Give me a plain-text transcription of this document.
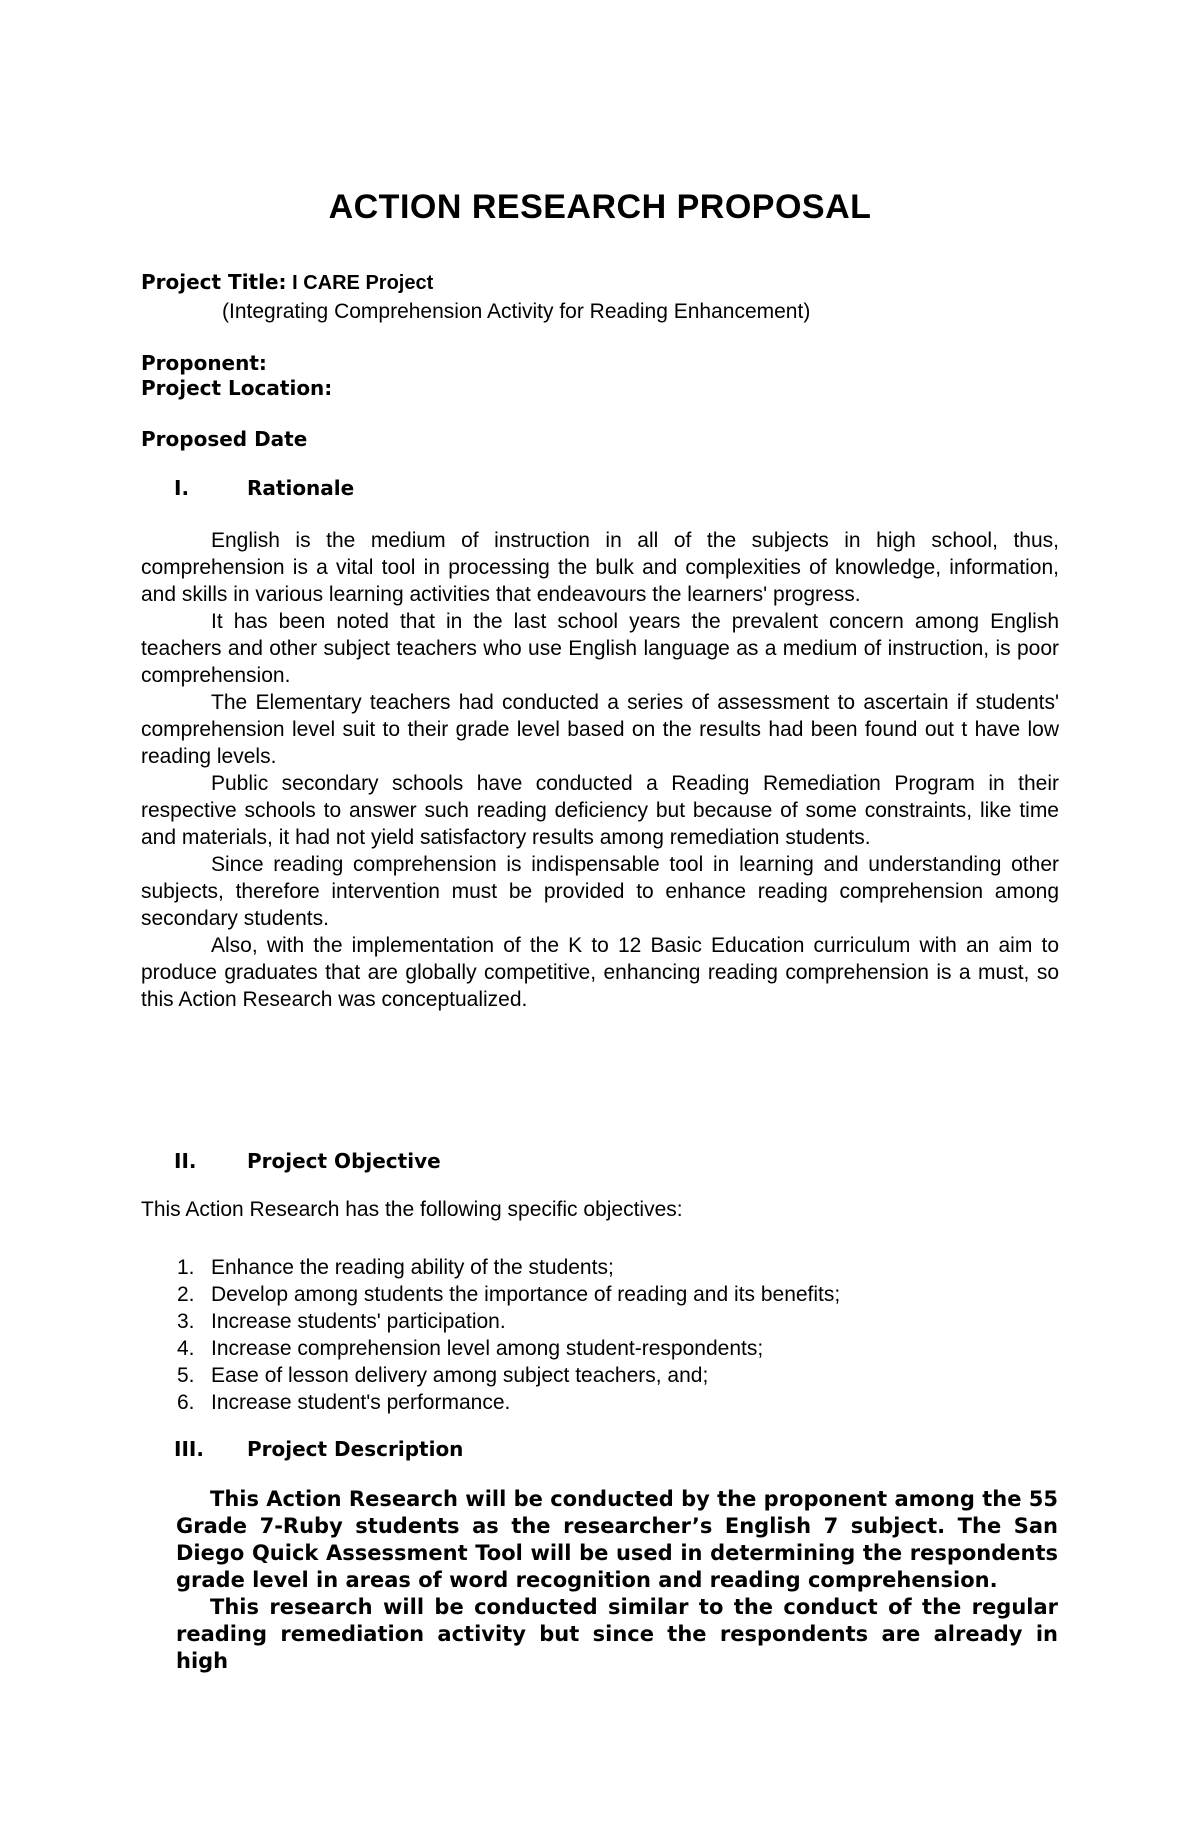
ACTION RESEARCH PROPOSAL
Project Title: I CARE Project
(Integrating Comprehension Activity for Reading Enhancement)
Proponent:
Project Location:
Proposed Date
I.	Rationale

English is the medium of instruction in all of the subjects in high school, thus, comprehension is a vital tool in processing the bulk and complexities of knowledge, information, and skills in various learning activities that endeavours the learners' progress.

It has been noted that in the last school years the prevalent concern among English teachers and other subject teachers who use English language as a medium of instruction, is poor comprehension.

The Elementary teachers had conducted a series of assessment to ascertain if students' comprehension level suit to their grade level based on the results had been found out t have low reading levels.

Public secondary schools have conducted a Reading Remediation Program in their respective schools to answer such reading deficiency but because of some constraints, like time and materials, it had not yield satisfactory results among remediation students.

Since reading comprehension is indispensable tool in learning and understanding other subjects, therefore intervention must be provided to enhance reading comprehension among secondary students.

Also, with the implementation of the K to 12 Basic Education curriculum with an aim to produce graduates that are globally competitive, enhancing reading comprehension is a must, so this Action Research was conceptualized.

II.	Project Objective
This Action Research has the following specific objectives:
1. Enhance the reading ability of the students;
2. Develop among students the importance of reading and its benefits;
3. Increase students' participation.
4. Increase comprehension level among student-respondents;
5. Ease of lesson delivery among subject teachers, and;
6. Increase student's performance.
III. Project Description

This Action Research will be conducted by the proponent among the 55 Grade 7-Ruby students as the researcher’s English 7 subject. The San Diego Quick Assessment Tool will be used in determining the respondents grade level in areas of word recognition and reading comprehension.

This research will be conducted similar to the conduct of the regular reading remediation activity but since the respondents are already in high
